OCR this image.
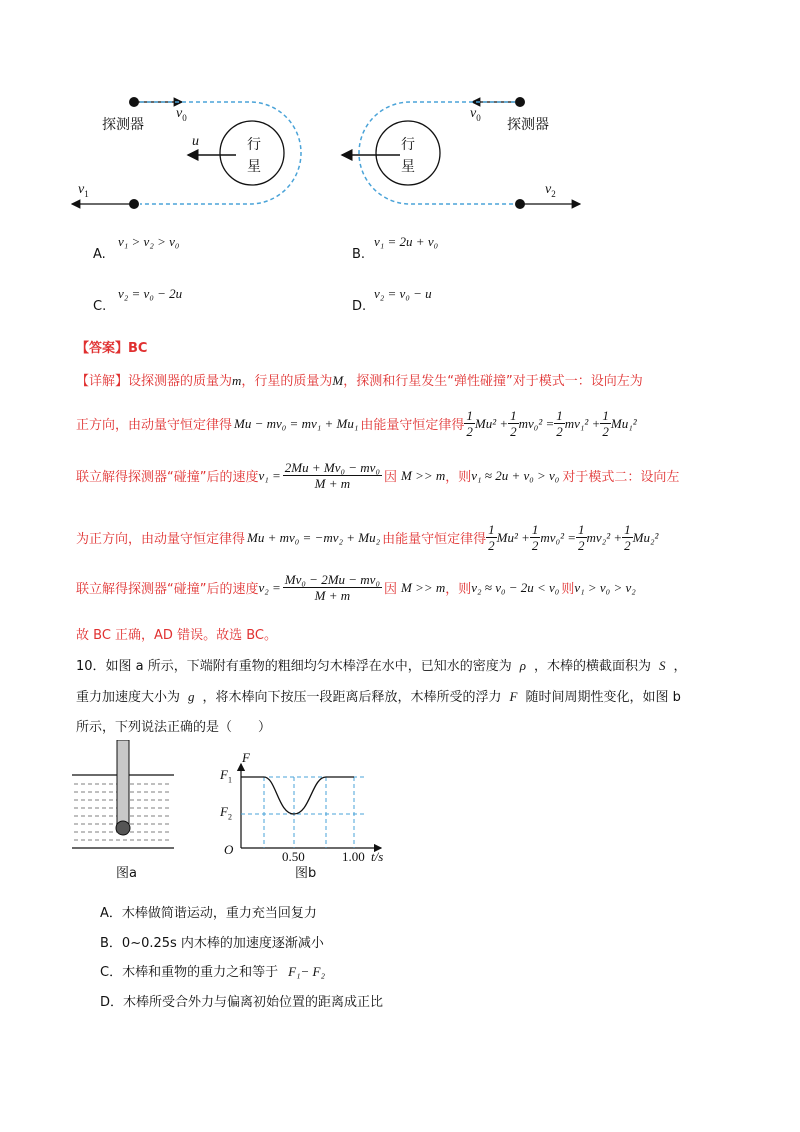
探测器
$v_0$
u	行
星
$v_1$
探测器
$v_0$
行
星
$v_2$
A.
v₁ > v₂ > v₀
B.
v₁ = 2u + v₀
C.
v₂ = v₀ − 2u
D.
v₂ = v₀ − u
【答案】BC
【详解】设探测器的质量为m，行星的质量为M，探测和行星发生“弹性碰撞”对于模式一：设向左为
正方向，由动量守恒定律得 Mu − mv₀ = mv₁ + Mu₁ 由能量守恒定律得 $\frac{1}{2} Mu^2 + \frac{1}{2} mv_0^2 = \frac{1}{2} mv_1^2 + \frac{1}{2} Mu_1^2$
联立解得探测器“碰撞”后的速度 $v_1 = \frac{\text{2Mu + Mv₀ − mv₀}}{M + m}$ 因 M >> m ，则 v₁ ≈ 2u + v₀ > v₀ 对于模式二：设向左
为正方向，由动量守恒定律得 Mu + mv₀ = −mv₂ + Mu₂ 由能量守恒定律得 $\frac{1}{2} Mu^2 + \frac{1}{2} mv_0^2 = \frac{1}{2} mv_2^2 + \frac{1}{2} Mu_2^2$
联立解得探测器“碰撞”后的速度 $v_2 = \frac{\text{Mv₀ − 2Mu − mv₀}}{M + m}$ 因 M >> m ，则 v₂ ≈ v₀ − 2u < v₀ 则 v₁ > v₀ > v₂
故 BC 正确，AD 错误。故选 BC。
10．如图 a 所示，下端附有重物的粗细均匀木棒浮在水中，已知水的密度为 ρ ，木棒的横截面积为 S ，
重力加速度大小为 g ，将木棒向下按压一段距离后释放，木棒所受的浮力 F 随时间周期性变化，如图 b
所示，下列说法正确的是（　　）
图a
F
$F_1$
$F_2$
O	0.50	1.00 t/s
图b
A．木棒做简谐运动，重力充当回复力
B．0~0.25s 内木棒的加速度逐渐减小
C．木棒和重物的重力之和等于 F₁− F₂
D．木棒所受合外力与偏离初始位置的距离成正比
